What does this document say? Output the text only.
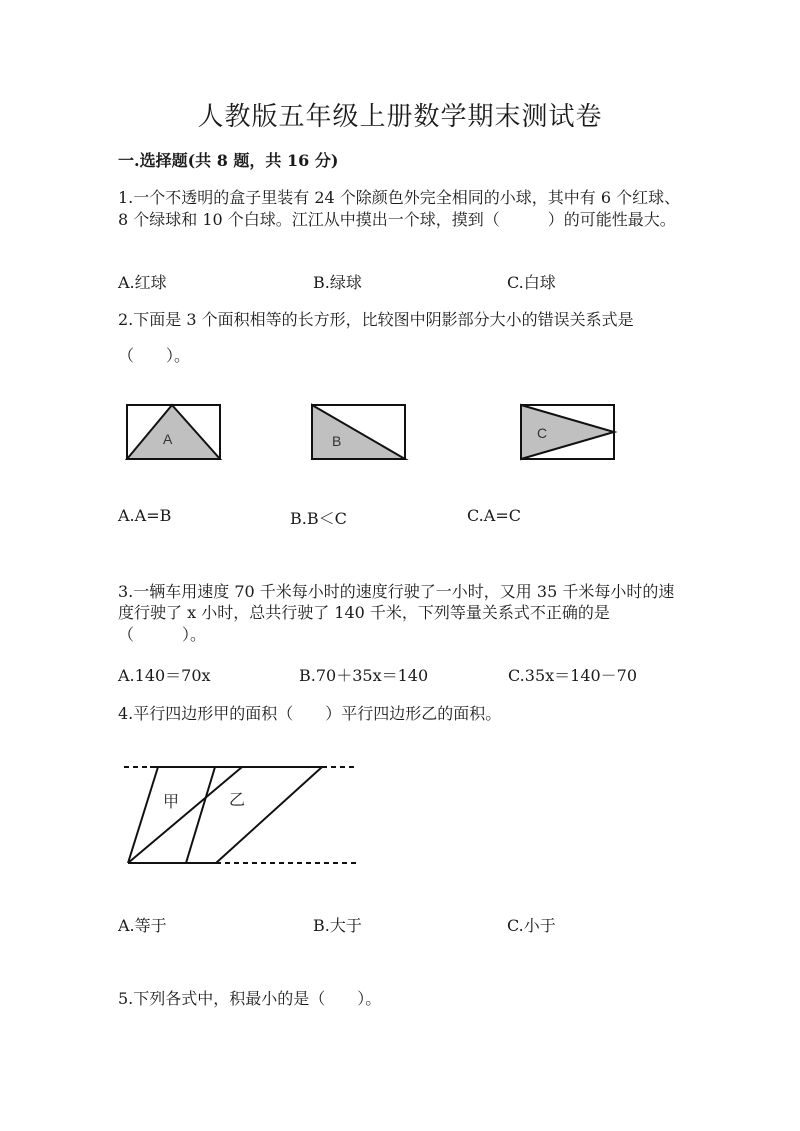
人教版五年级上册数学期末测试卷
一.选择题(共 8 题，共 16 分)
1.一个不透明的盒子里装有 24 个除颜色外完全相同的小球，其中有 6 个红球、
8 个绿球和 10 个白球。江江从中摸出一个球，摸到（　　　）的可能性最大。
A.红球	B.绿球	C.白球
2.下面是 3 个面积相等的长方形，比较图中阴影部分大小的错误关系式是
（　　）。
A	B	C
甲	乙
A.A=B	B.B＜C	C.A=C
3.一辆车用速度 70 千米每小时的速度行驶了一小时，又用 35 千米每小时的速
度行驶了 x 小时，总共行驶了 140 千米，下列等量关系式不正确的是
（　　　）。
A.140＝70x	B.70＋35x＝140	C.35x＝140－70
4.平行四边形甲的面积（　　）平行四边形乙的面积。
A.等于	B.大于	C.小于
5.下列各式中，积最小的是（　　）。
